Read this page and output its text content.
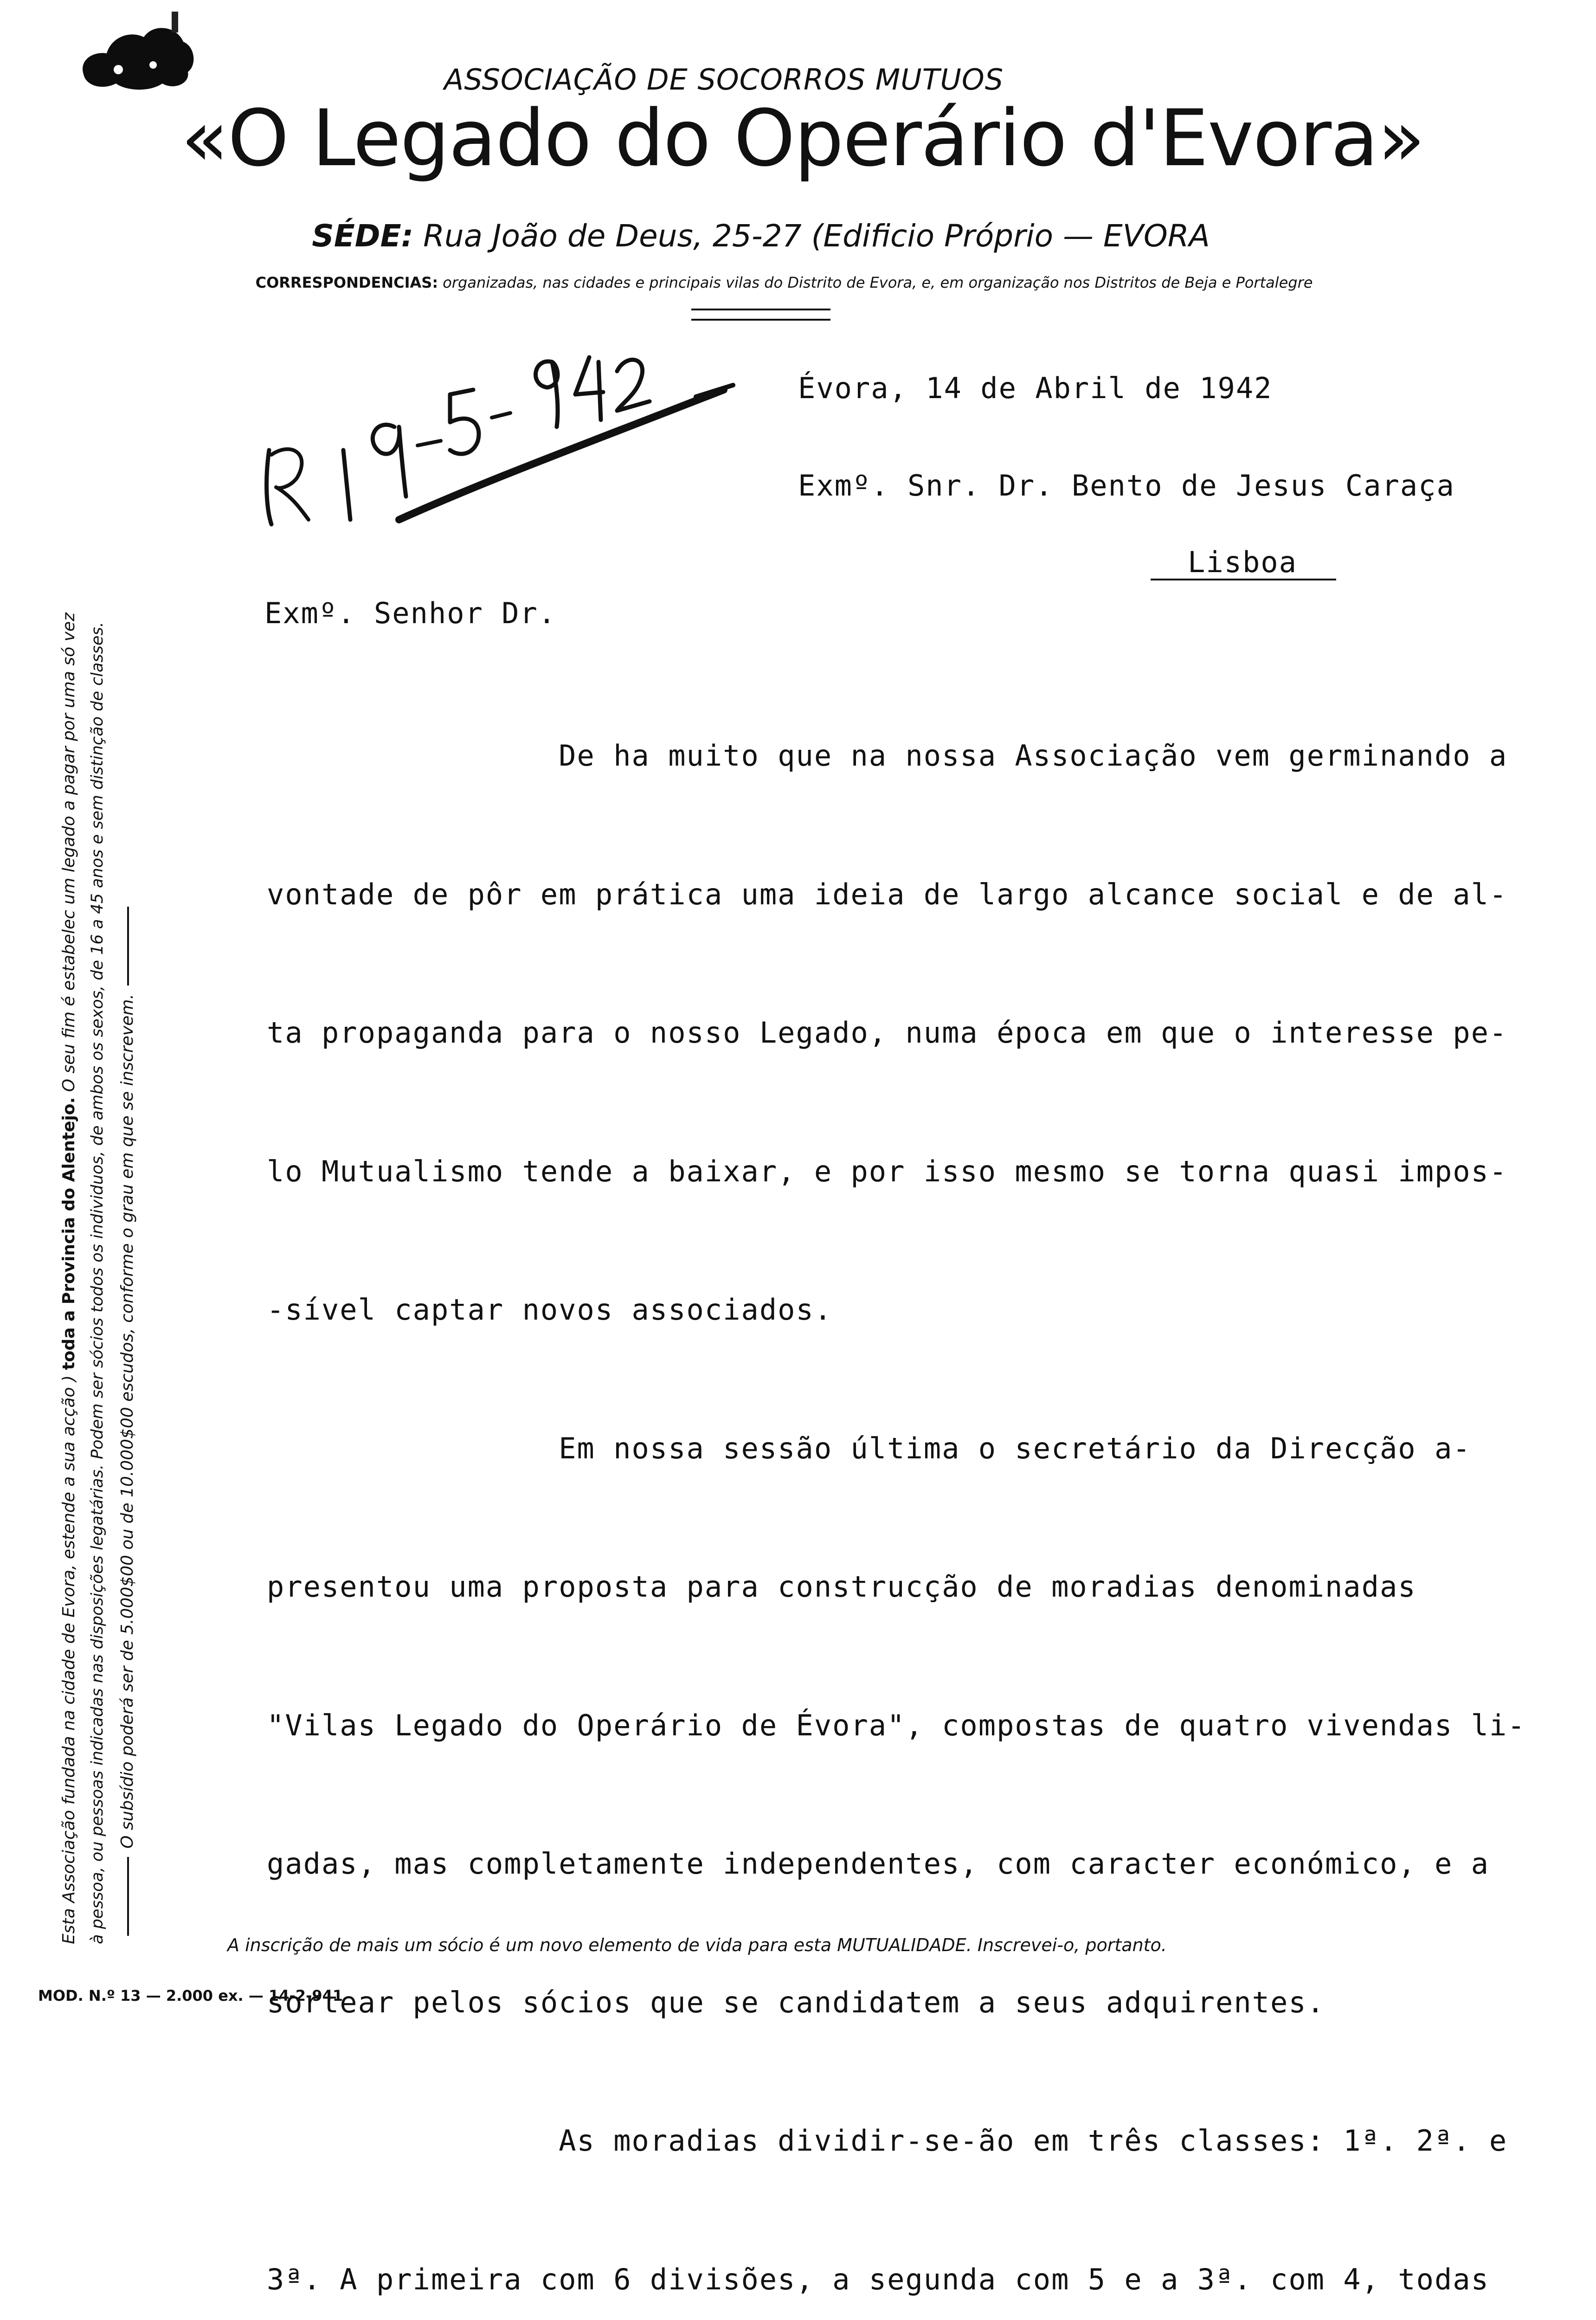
ASSOCIAÇÃO DE SOCORROS MUTUOS
«O Legado do Operário d'Evora»
SÉDE: Rua João de Deus, 25-27 (Edificio Próprio — EVORA
CORRESPONDENCIAS: organizadas, nas cidades e principais vilas do Distrito de Evora, e, em organização nos Distritos de Beja e Portalegre
Esta Associação fundada na cidade de Evora, estende a sua acção ) toda a Provincia do Alentejo. O seu fim é estabelec um legado a pagar por uma só vez à pessoa, ou pessoas indicadas nas disposições legatárias. Podem ser sócios todos os individuos, de ambos os sexos, de 16 a 45 anos e sem distinção de classes. O subsídio poderá ser de 5.000$00 ou de 10.000$00 escudos, conforme o grau em que se inscrevem.
Évora, 14 de Abril de 1942
Exmº. Snr. Dr. Bento de Jesus Caraça
Lisboa
Exmº. Senhor Dr.

De ha muito que na nossa Associação vem germinando a

vontade de pôr em prática uma ideia de largo alcance social e de al-

ta propaganda para o nosso Legado, numa época em que o interesse pe-

lo Mutualismo tende a baixar, e por isso mesmo se torna quasi impos-

-sível captar novos associados.

Em nossa sessão última o secretário da Direcção a-

presentou uma proposta para construcção de moradias denominadas

"Vilas Legado do Operário de Évora", compostas de quatro vivendas li-

gadas, mas completamente independentes, com caracter económico, e a

sortear pelos sócios que se candidatem a seus adquirentes.

As moradias dividir-se-ão em três classes: 1ª. 2ª. e

3ª. A primeira com 6 divisões, a segunda com 5 e a 3ª. com 4, todas

A inscrição de mais um sócio é um novo elemento de vida para esta MUTUALIDADE. Inscrevei-o, portanto.
MOD. N.º 13 — 2.000 ex. — 14-2-941
